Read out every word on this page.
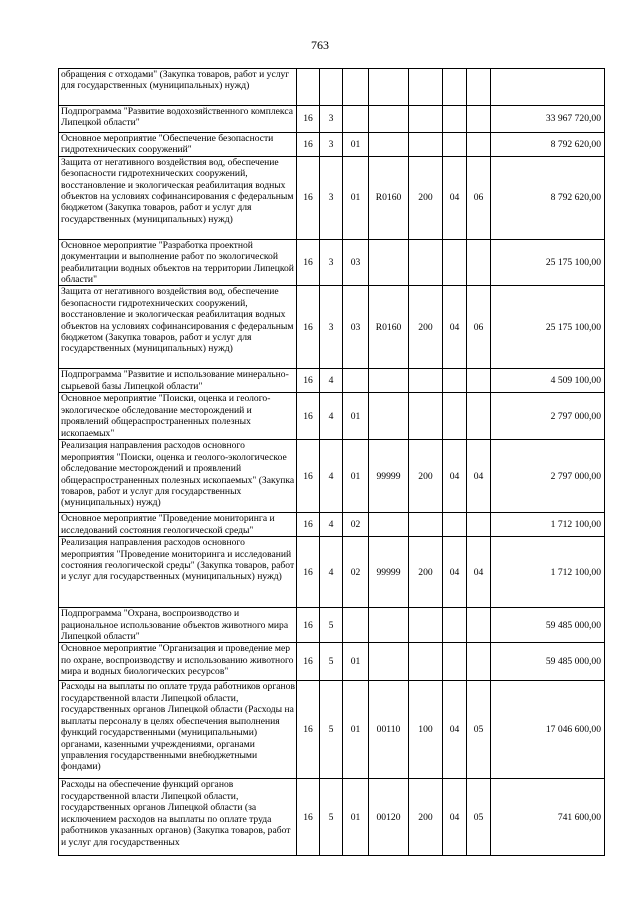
763
обращения с отходами" (Закупка товаров, работ и услуг для государственных (муниципальных) нужд)								
Подпрограмма "Развитие водохозяйственного комплекса Липецкой области"	16	3						33 967 720,00
Основное мероприятие "Обеспечение безопасности гидротехнических сооружений"	16	3	01					8 792 620,00
Защита от негативного воздействия вод, обеспечение безопасности гидротехнических сооружений, восстановление и экологическая реабилитация водных объектов на условиях софинансирования с федеральным бюджетом (Закупка товаров, работ и услуг для государственных (муниципальных) нужд)	16	3	01	R0160	200	04	06	8 792 620,00
Основное мероприятие "Разработка проектной документации и выполнение работ по экологической реабилитации водных объектов на территории Липецкой области"	16	3	03					25 175 100,00
Защита от негативного воздействия вод, обеспечение безопасности гидротехнических сооружений, восстановление и экологическая реабилитация водных объектов на условиях софинансирования с федеральным бюджетом (Закупка товаров, работ и услуг для государственных (муниципальных) нужд)	16	3	03	R0160	200	04	06	25 175 100,00
Подпрограмма "Развитие и использование минерально-сырьевой базы Липецкой области"	16	4						4 509 100,00
Основное мероприятие "Поиски, оценка и геолого-экологическое обследование месторождений и проявлений общераспространенных полезных ископаемых"	16	4	01					2 797 000,00
Реализация направления расходов основного мероприятия "Поиски, оценка и геолого-экологическое обследование месторождений и проявлений общераспространенных полезных ископаемых" (Закупка товаров, работ и услуг для государственных (муниципальных) нужд)	16	4	01	99999	200	04	04	2 797 000,00
Основное мероприятие "Проведение мониторинга и исследований состояния геологической среды"	16	4	02					1 712 100,00
Реализация направления расходов основного мероприятия "Проведение мониторинга и исследований состояния геологической среды" (Закупка товаров, работ и услуг для государственных (муниципальных) нужд)	16	4	02	99999	200	04	04	1 712 100,00
Подпрограмма "Охрана, воспроизводство и рациональное использование объектов животного мира Липецкой области"	16	5						59 485 000,00
Основное мероприятие "Организация и проведение мер по охране, воспроизводству и использованию животного мира и водных биологических ресурсов"	16	5	01					59 485 000,00
Расходы на выплаты по оплате труда работников органов государственной власти Липецкой области, государственных органов Липецкой области (Расходы на выплаты персоналу в целях обеспечения выполнения функций государственными (муниципальными) органами, казенными учреждениями, органами управления государственными внебюджетными фондами)	16	5	01	00110	100	04	05	17 046 600,00
Расходы на обеспечение функций органов государственной власти Липецкой области, государственных органов Липецкой области (за исключением расходов на выплаты по оплате труда работников указанных органов) (Закупка товаров, работ и услуг для государственных	16	5	01	00120	200	04	05	741 600,00
